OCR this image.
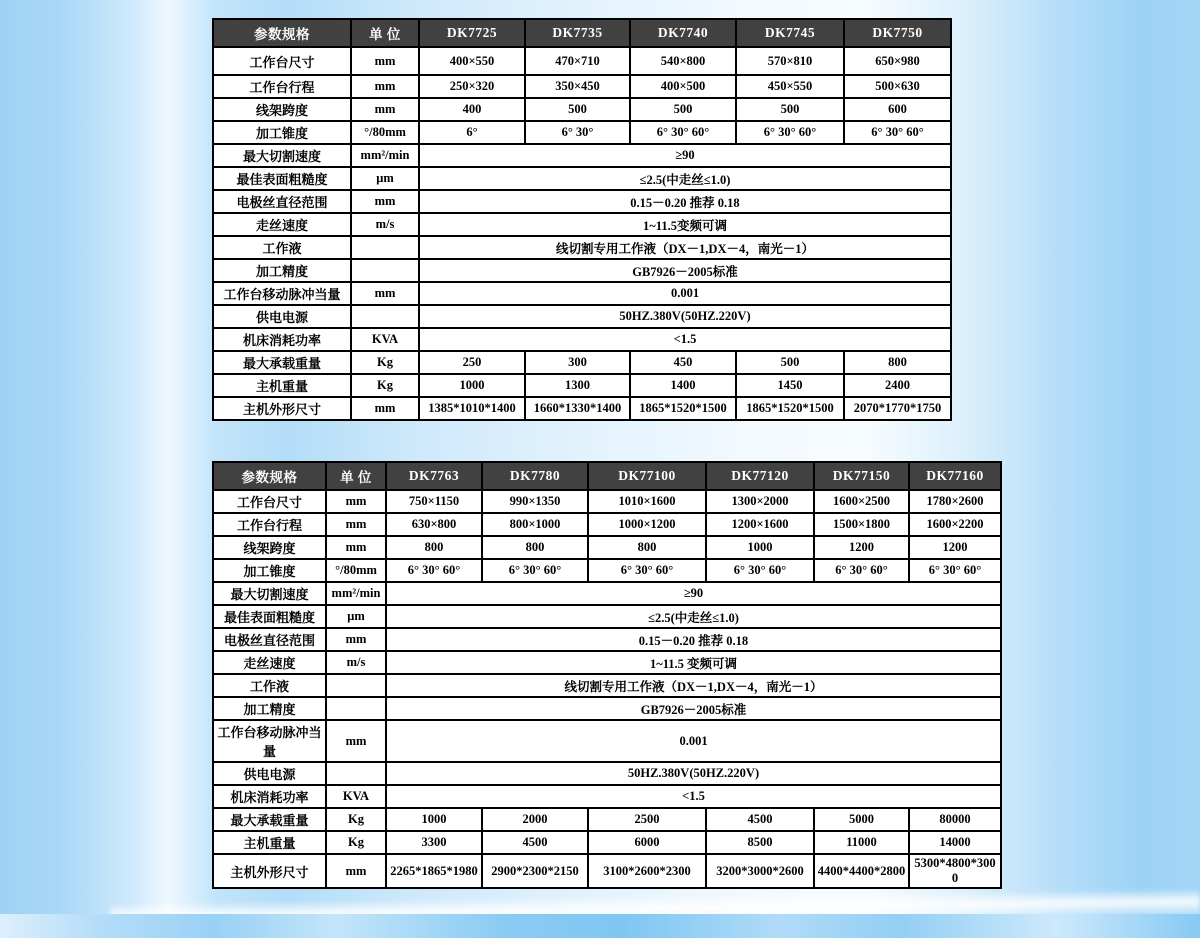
参数规格	单 位	DK7725	DK7735	DK7740	DK7745	DK7750
工作台尺寸	mm	400×550	470×710	540×800	570×810	650×980
工作台行程	mm	250×320	350×450	400×500	450×550	500×630
线架跨度	mm	400	500	500	500	600
加工锥度	°/80mm	6°	6° 30°	6° 30° 60°	6° 30° 60°	6° 30° 60°
最大切割速度	mm²/min	≥90				
最佳表面粗糙度	μm	≤2.5(中走丝≤1.0)				
电极丝直径范围	mm	0.15－0.20 推荐 0.18				
走丝速度	m/s	1~11.5变频可调				
工作液		线切割专用工作液（DX－1,DX－4，南光－1）				
加工精度		GB7926－2005标准				
工作台移动脉冲当量	mm	0.001				
供电电源		50HZ.380V(50HZ.220V)				
机床消耗功率	KVA	<1.5				
最大承载重量	Kg	250	300	450	500	800
主机重量	Kg	1000	1300	1400	1450	2400
主机外形尺寸	mm	1385*1010*1400	1660*1330*1400	1865*1520*1500	1865*1520*1500	2070*1770*1750
参数规格	单 位	DK7763	DK7780	DK77100	DK77120	DK77150	DK77160
工作台尺寸	mm	750×1150	990×1350	1010×1600	1300×2000	1600×2500	1780×2600
工作台行程	mm	630×800	800×1000	1000×1200	1200×1600	1500×1800	1600×2200
线架跨度	mm	800	800	800	1000	1200	1200
加工锥度	°/80mm	6° 30° 60°	6° 30° 60°	6° 30° 60°	6° 30° 60°	6° 30° 60°	6° 30° 60°
最大切割速度	mm²/min	≥90					
最佳表面粗糙度	μm	≤2.5(中走丝≤1.0)					
电极丝直径范围	mm	0.15－0.20 推荐 0.18					
走丝速度	m/s	1~11.5 变频可调					
工作液		线切割专用工作液（DX－1,DX－4，南光－1）					
加工精度		GB7926－2005标准					
工作台移动脉冲当量	mm	0.001					
供电电源		50HZ.380V(50HZ.220V)					
机床消耗功率	KVA	<1.5					
最大承载重量	Kg	1000	2000	2500	4500	5000	80000
主机重量	Kg	3300	4500	6000	8500	11000	14000
主机外形尺寸	mm	2265*1865*1980	2900*2300*2150	3100*2600*2300	3200*3000*2600	4400*4400*2800	5300*4800*3000
